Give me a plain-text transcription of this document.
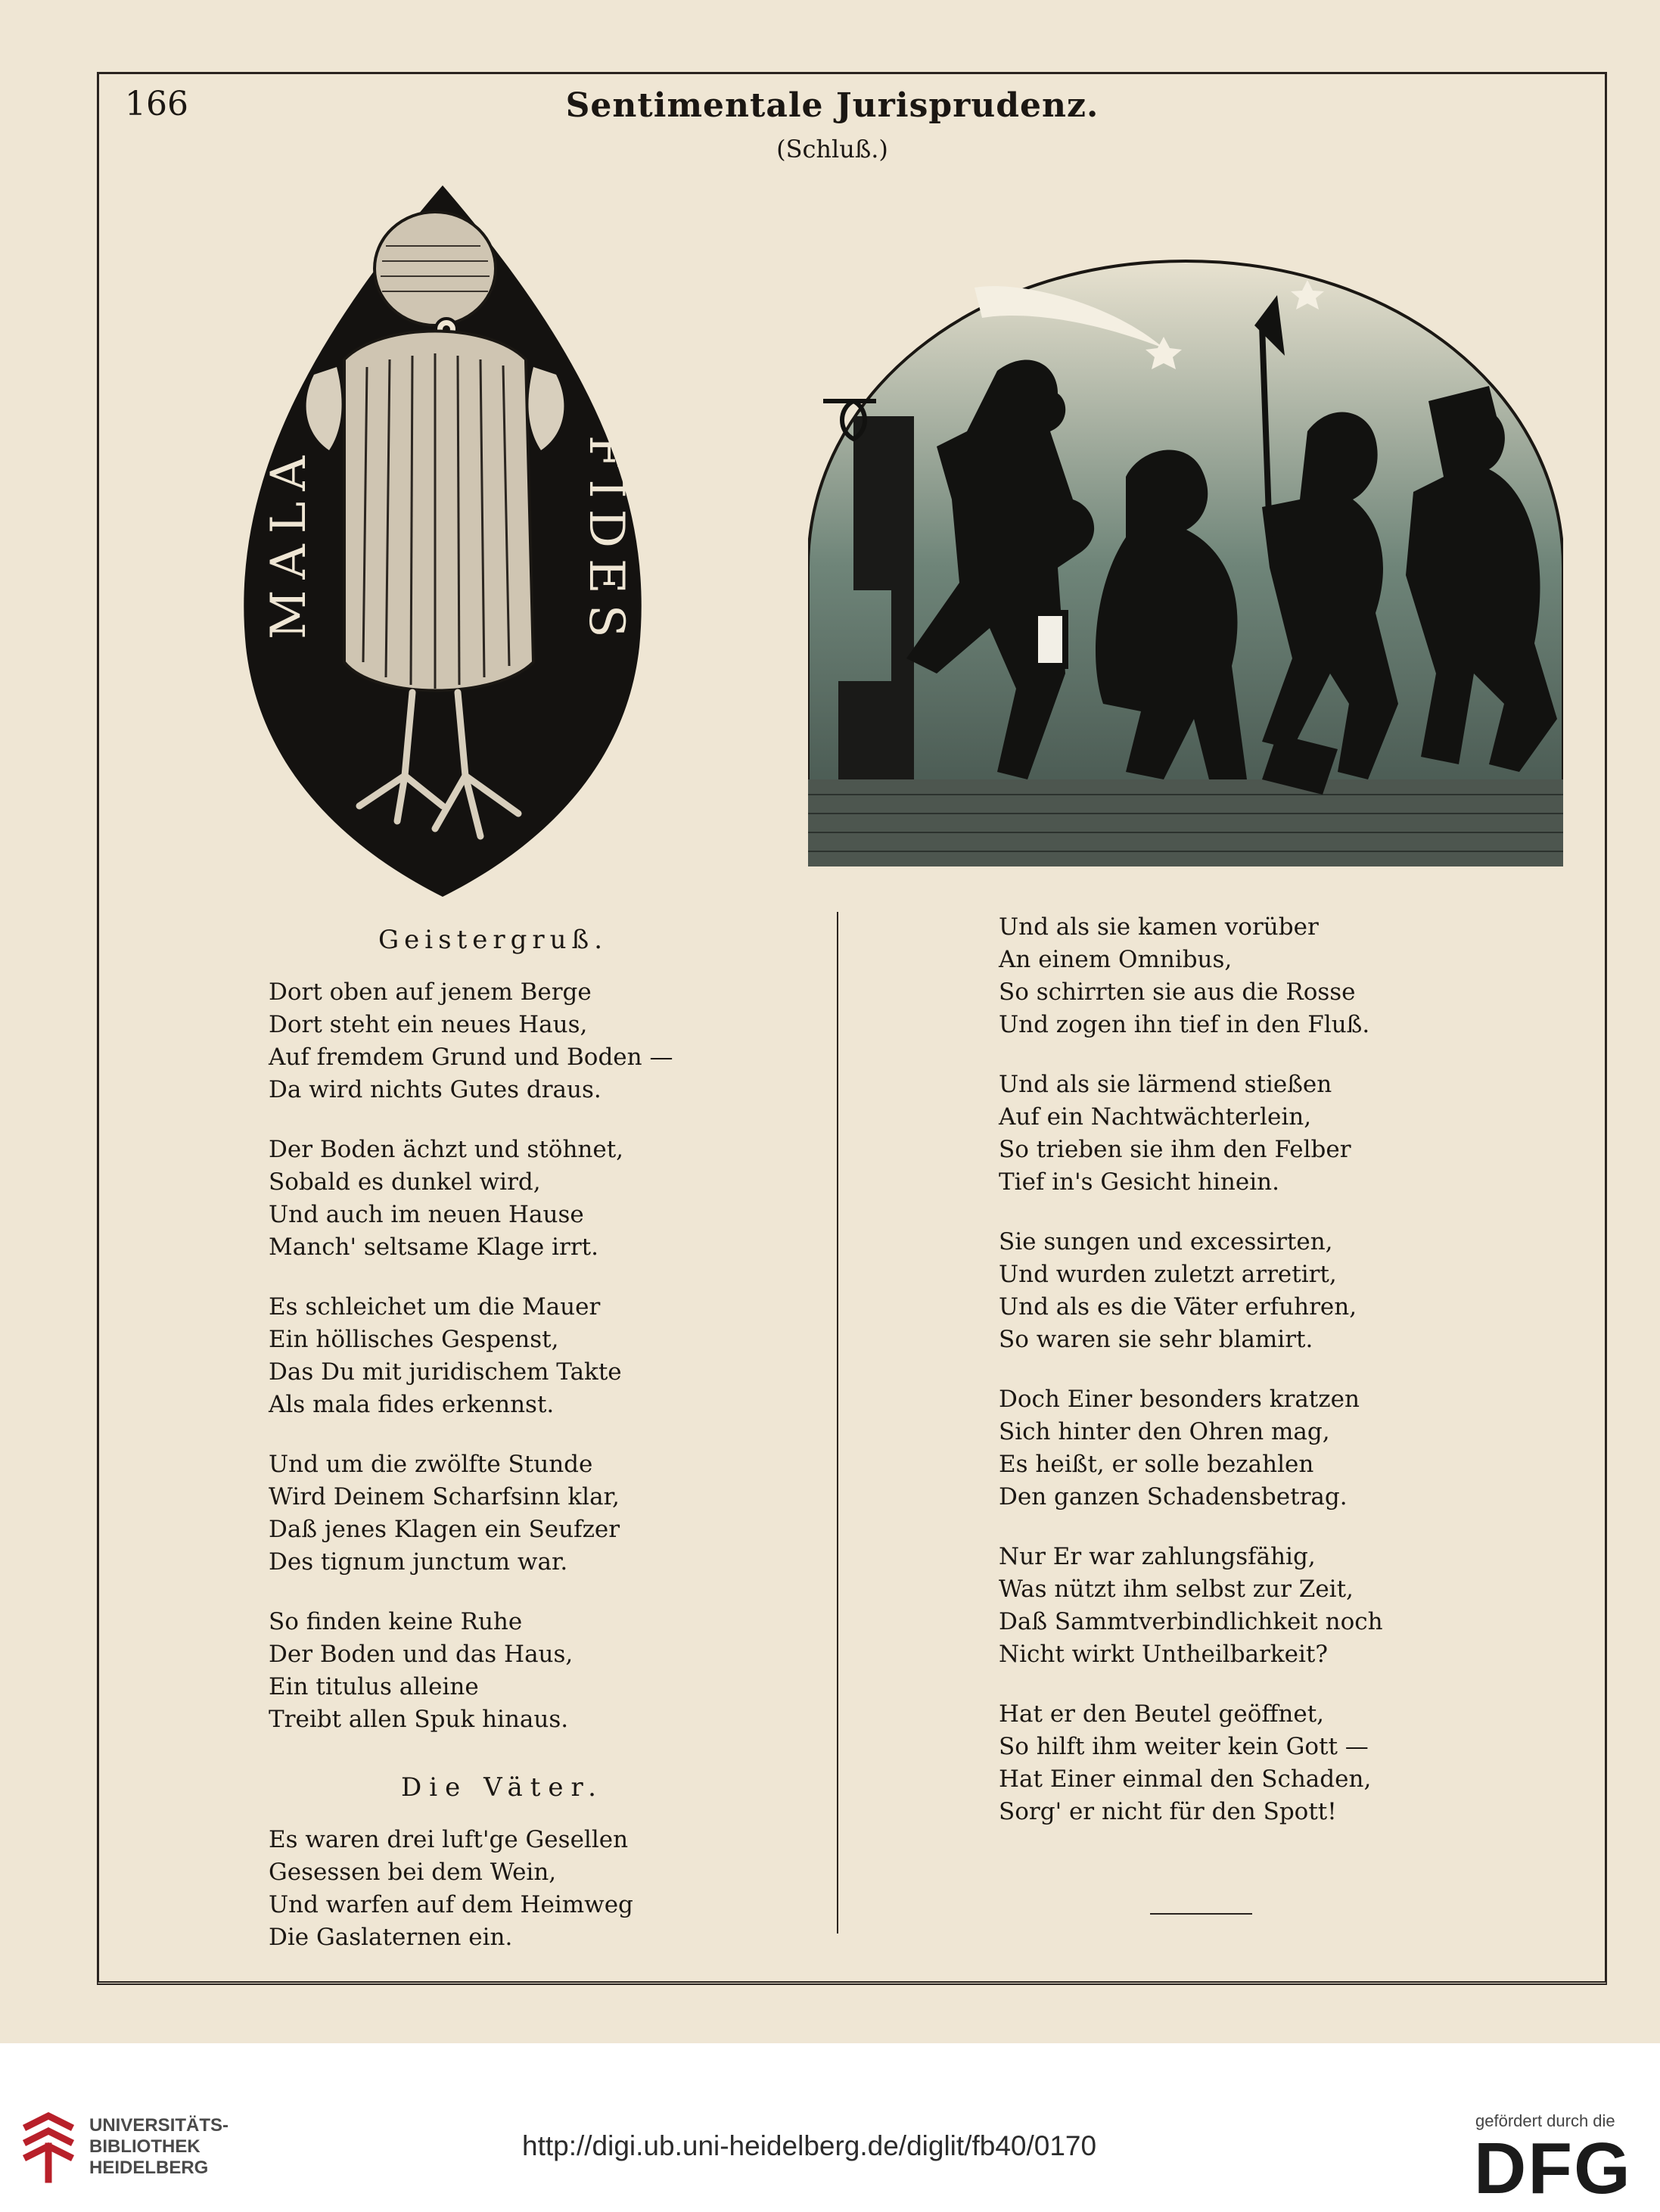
166	Sentimentale Jurisprudenz.
(Schluß.)
MALA	FIDES
Geistergruß.
Dort oben auf jenem Berge
Dort steht ein neues Haus,
Auf fremdem Grund und Boden —
Da wird nichts Gutes draus.
Der Boden ächzt und stöhnet,
Sobald es dunkel wird,
Und auch im neuen Hause
Manch' seltsame Klage irrt.
Es schleichet um die Mauer
Ein höllisches Gespenst,
Das Du mit juridischem Takte
Als mala fides erkennst.
Und um die zwölfte Stunde
Wird Deinem Scharfsinn klar,
Daß jenes Klagen ein Seufzer
Des tignum junctum war.
So finden keine Ruhe
Der Boden und das Haus,
Ein titulus alleine
Treibt allen Spuk hinaus.
Die Väter.
Es waren drei luft'ge Gesellen
Gesessen bei dem Wein,
Und warfen auf dem Heimweg
Die Gaslaternen ein.
Und als sie kamen vorüber
An einem Omnibus,
So schirrten sie aus die Rosse
Und zogen ihn tief in den Fluß.
Und als sie lärmend stießen
Auf ein Nachtwächterlein,
So trieben sie ihm den Felber
Tief in's Gesicht hinein.
Sie sungen und excessirten,
Und wurden zuletzt arretirt,
Und als es die Väter erfuhren,
So waren sie sehr blamirt.
Doch Einer besonders kratzen
Sich hinter den Ohren mag,
Es heißt, er solle bezahlen
Den ganzen Schadensbetrag.
Nur Er war zahlungsfähig,
Was nützt ihm selbst zur Zeit,
Daß Sammtverbindlichkeit noch
Nicht wirkt Untheilbarkeit?
Hat er den Beutel geöffnet,
So hilft ihm weiter kein Gott —
Hat Einer einmal den Schaden,
Sorg' er nicht für den Spott!
UNIVERSITÄTS-
BIBLIOTHEK
HEIDELBERG
http://digi.ub.uni-heidelberg.de/diglit/fb40/0170
gefördert durch die
DFG
